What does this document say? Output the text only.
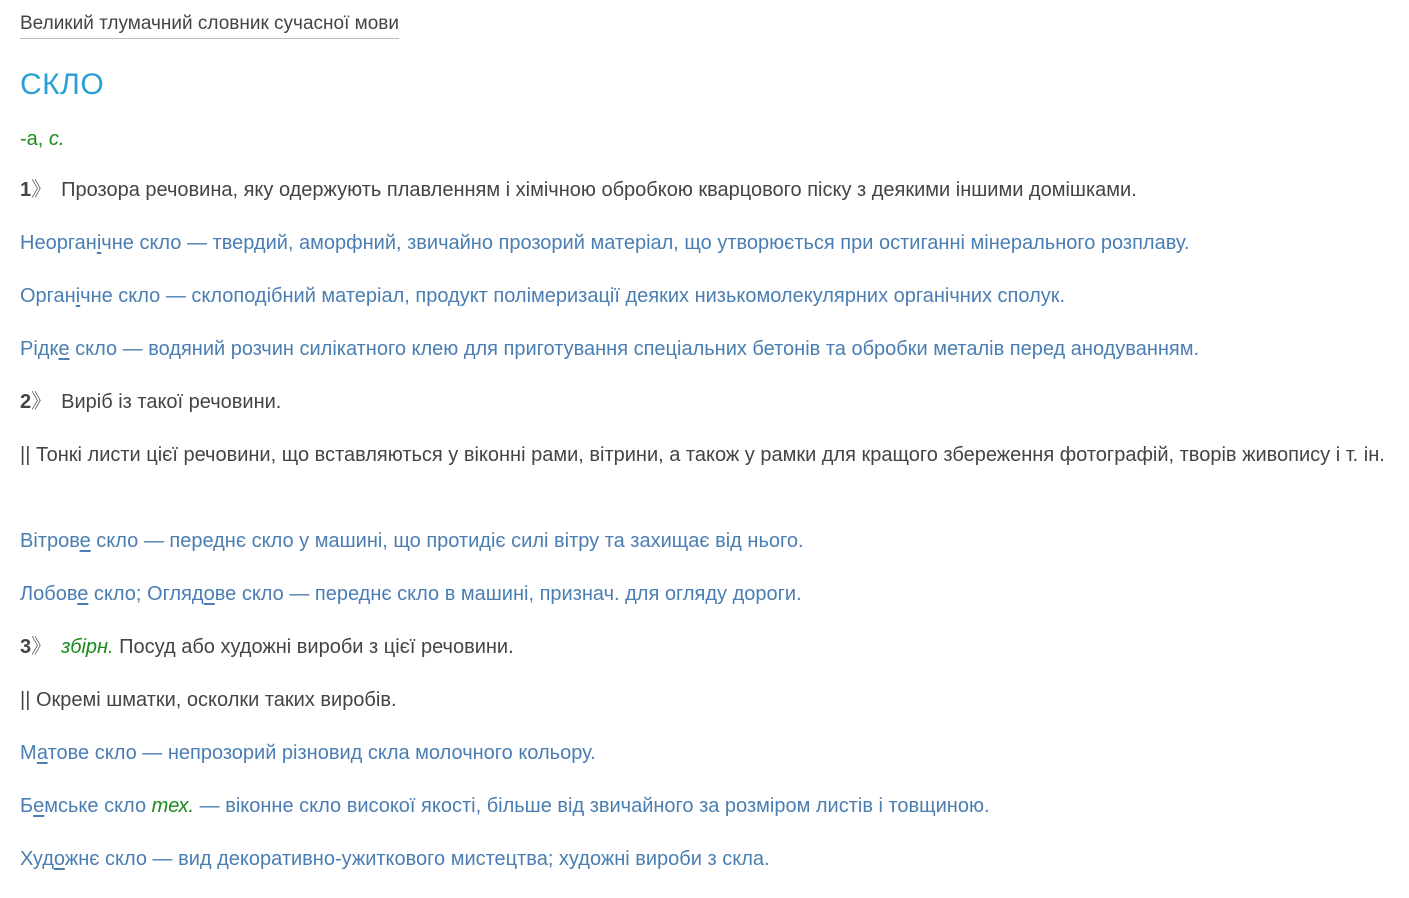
Великий тлумачний словник сучасної мови
СКЛО
-а, с.

1》 Прозора речовина, яку одержують плавленням і хімічною обробкою кварцового піску з деякими іншими домішками.

Неорганічне скло — твердий, аморфний, звичайно прозорий матеріал, що утворюється при остиганні мінерального розплаву.

Органічне скло — склоподібний матеріал, продукт полімеризації деяких низькомолекулярних органічних сполук.

Рідке скло — водяний розчин силікатного клею для приготування спеціальних бетонів та обробки металів перед анодуванням.

2》 Виріб із такої речовини.

|| Тонкі листи цієї речовини, що вставляються у віконні рами, вітрини, а також у рамки для кращого збереження фотографій, творів живопису і т. ін.

Вітрове скло — переднє скло у машині, що протидіє силі вітру та захищає від нього.

Лобове скло; Оглядове скло — переднє скло в машині, признач. для огляду дороги.

3》 збірн. Посуд або художні вироби з цієї речовини.

|| Окремі шматки, осколки таких виробів.

Матове скло — непрозорий різновид скла молочного кольору.

Бемське скло тех. — віконне скло високої якості, більше від звичайного за розміром листів і товщиною.

Художнє скло — вид декоративно-ужиткового мистецтва; художні вироби з скла.
